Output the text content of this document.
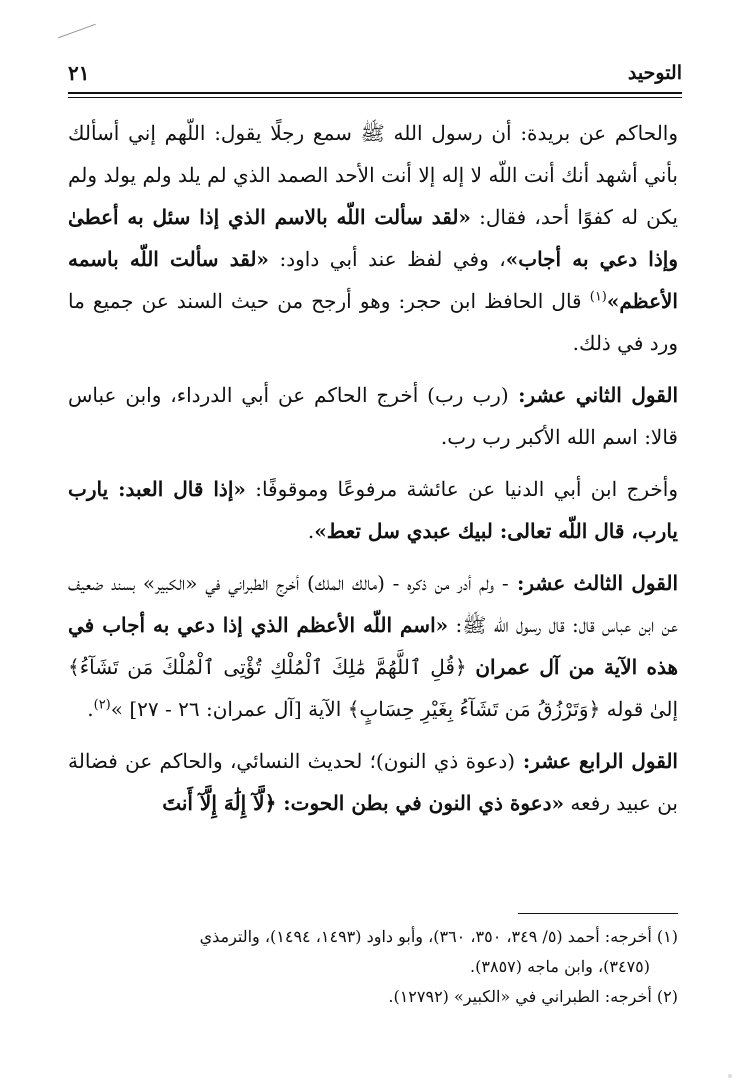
التوحيد
٢١

والحاكم عن بريدة: أن رسول الله ﷺ سمع رجلًا يقول: اللّهم إني أسألك بأني أشهد أنك أنت اللّه لا إله إلا أنت الأحد الصمد الذي لم يلد ولم يولد ولم يكن له كفوًا أحد، فقال: «لقد سألت اللّه بالاسم الذي إذا سئل به أعطىٰ وإذا دعي به أجاب»، وفي لفظ عند أبي داود: «لقد سألت اللّه باسمه الأعظم»$^{(١)}$ قال الحافظ ابن حجر: وهو أرجح من حيث السند عن جميع ما ورد في ذلك.

القول الثاني عشر: (رب رب) أخرج الحاكم عن أبي الدرداء، وابن عباس قالا: اسم الله الأكبر رب رب.

وأخرج ابن أبي الدنيا عن عائشة مرفوعًا وموقوفًا: «إذا قال العبد: يارب يارب، قال اللّه تعالى: لبيك عبدي سل تعط».

القول الثالث عشر: - ولم أدر من ذكره - (مالك الملك) أخرج الطبراني في «الكبير» بسند ضعيف عن ابن عباس قال: قال رسول اللّه ﷺ: «اسم اللّه الأعظم الذي إذا دعي به أجاب في هذه الآية من آل عمران ﴿قُلِ ٱللَّهُمَّ مَٰلِكَ ٱلْمُلْكِ تُؤْتِى ٱلْمُلْكَ مَن تَشَآءُ﴾ إلىٰ قوله ﴿وَتَرْزُقُ مَن تَشَآءُ بِغَيْرِ حِسَابٍ﴾ الآية [آل عمران: ٢٦ - ٢٧] »$^{(٢)}$.

القول الرابع عشر: (دعوة ذي النون)؛ لحديث النسائي، والحاكم عن فضالة بن عبيد رفعه «دعوة ذي النون في بطن الحوت: ﴿لَّآ إِلَٰهَ إِلَّآ أَنتَ

(١) أخرجه: أحمد (٥/ ٣٤٩، ٣٥٠، ٣٦٠)، وأبو داود (١٤٩٣، ١٤٩٤)، والترمذي
(٣٤٧٥)، وابن ماجه (٣٨٥٧).
(٢) أخرجه: الطبراني في «الكبير» (١٢٧٩٢).
